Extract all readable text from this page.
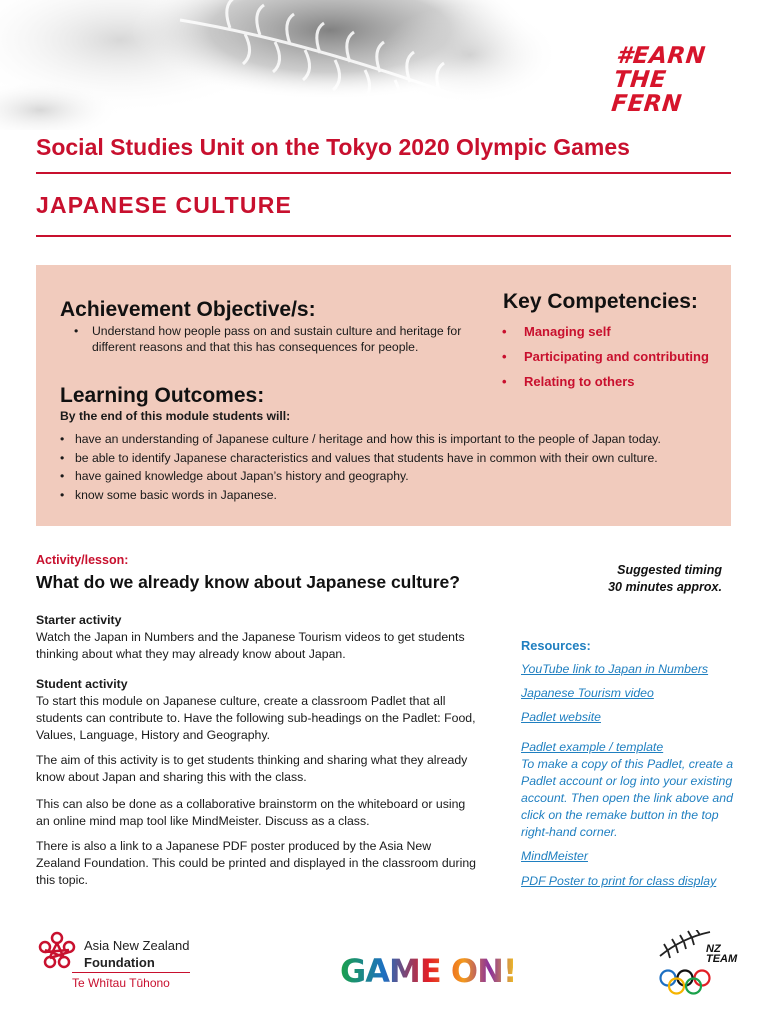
#EARN
THE FERN
Social Studies Unit on the Tokyo 2020 Olympic Games
JAPANESE CULTURE
Achievement Objective/s:
• Understand how people pass on and sustain culture and heritage for different reasons and that this has consequences for people.
Key Competencies:
• Managing self
• Participating and contributing
• Relating to others
Learning Outcomes:
By the end of this module students will:
• have an understanding of Japanese culture / heritage and how this is important to the people of Japan today.
• be able to identify Japanese characteristics and values that students have in common with their own culture.
• have gained knowledge about Japan’s history and geography.
• know some basic words in Japanese.
Activity/lesson:
What do we already know about Japanese culture?
Suggested timing
30 minutes approx.
Starter activity
Watch the Japan in Numbers and the Japanese Tourism videos to get students thinking about what they may already know about Japan.
Student activity
To start this module on Japanese culture, create a classroom Padlet that all students can contribute to. Have the following sub-headings on the Padlet: Food, Values, Language, History and Geography.
The aim of this activity is to get students thinking and sharing what they already know about Japan and sharing this with the class.
This can also be done as a collaborative brainstorm on the whiteboard or using an online mind map tool like MindMeister. Discuss as a class.
There is also a link to a Japanese PDF poster produced by the Asia New Zealand Foundation. This could be printed and displayed in the classroom during this topic.
Resources:
YouTube link to Japan in Numbers
Japanese Tourism video
Padlet website
Padlet example / template
To make a copy of this Padlet, create a Padlet account or log into your existing account. Then open the link above and click on the remake button in the top right-hand corner.
MindMeister
PDF Poster to print for class display
Asia New Zealand
Foundation
Te Whītau Tūhono	GAME ON!
NZ
TEAM
